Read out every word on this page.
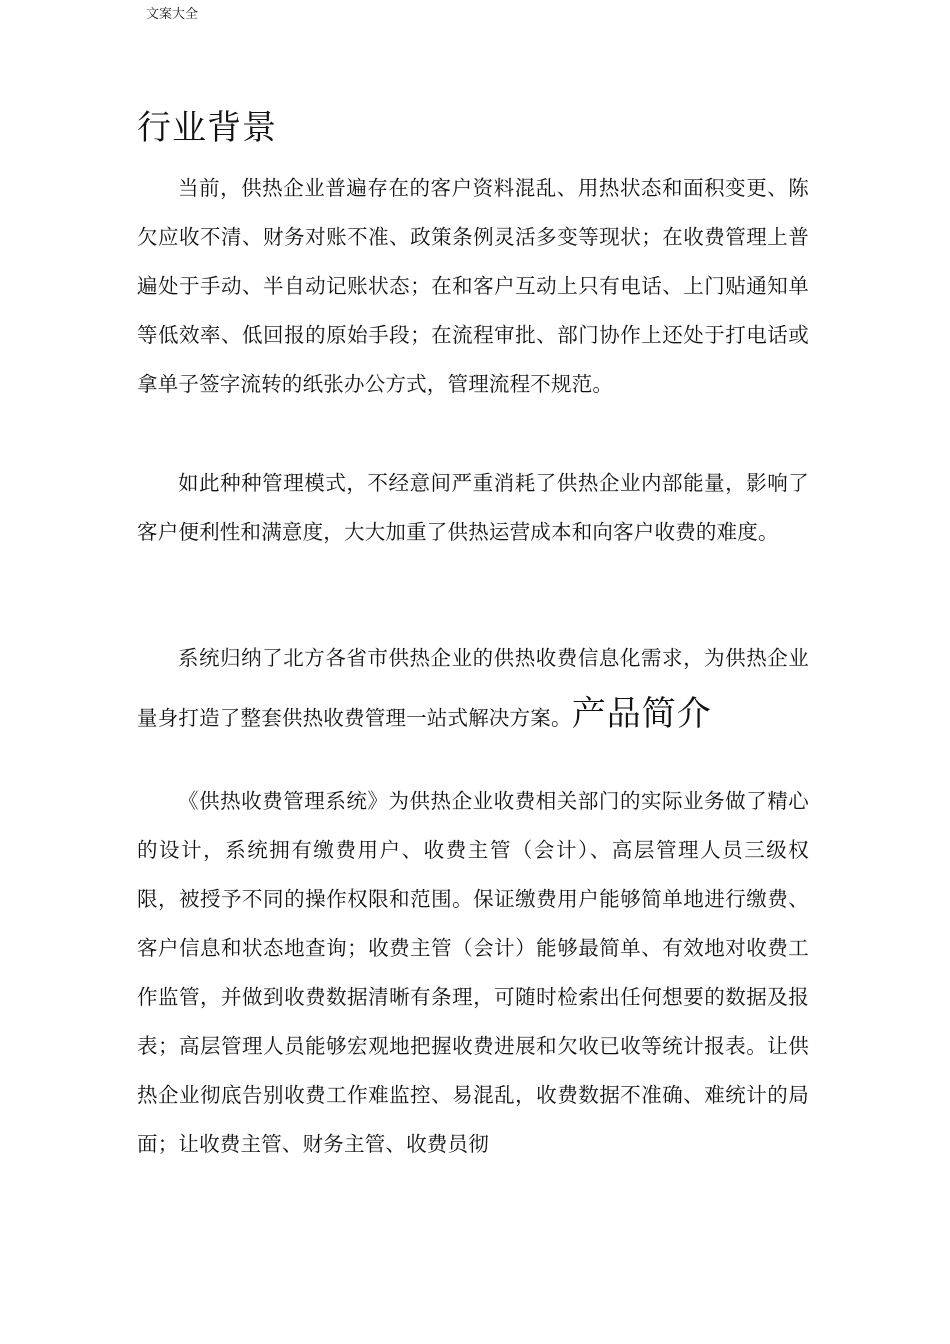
文案大全
行业背景

当前，供热企业普遍存在的客户资料混乱、用热状态和面积变更、陈欠应收不清、财务对账不准、政策条例灵活多变等现状；在收费管理上普遍处于手动、半自动记账状态；在和客户互动上只有电话、上门贴通知单等低效率、低回报的原始手段；在流程审批、部门协作上还处于打电话或拿单子签字流转的纸张办公方式，管理流程不规范。

如此种种管理模式，不经意间严重消耗了供热企业内部能量，影响了客户便利性和满意度，大大加重了供热运营成本和向客户收费的难度。

系统归纳了北方各省市供热企业的供热收费信息化需求，为供热企业量身打造了整套供热收费管理一站式解决方案。产品简介

《供热收费管理系统》为供热企业收费相关部门的实际业务做了精心的设计，系统拥有缴费用户、收费主管（会计）、高层管理人员三级权限，被授予不同的操作权限和范围。保证缴费用户能够简单地进行缴费、客户信息和状态地查询；收费主管（会计）能够最简单、有效地对收费工作监管，并做到收费数据清晰有条理，可随时检索出任何想要的数据及报表；高层管理人员能够宏观地把握收费进展和欠收已收等统计报表。让供热企业彻底告别收费工作难监控、易混乱，收费数据不准确、难统计的局面；让收费主管、财务主管、收费员彻
